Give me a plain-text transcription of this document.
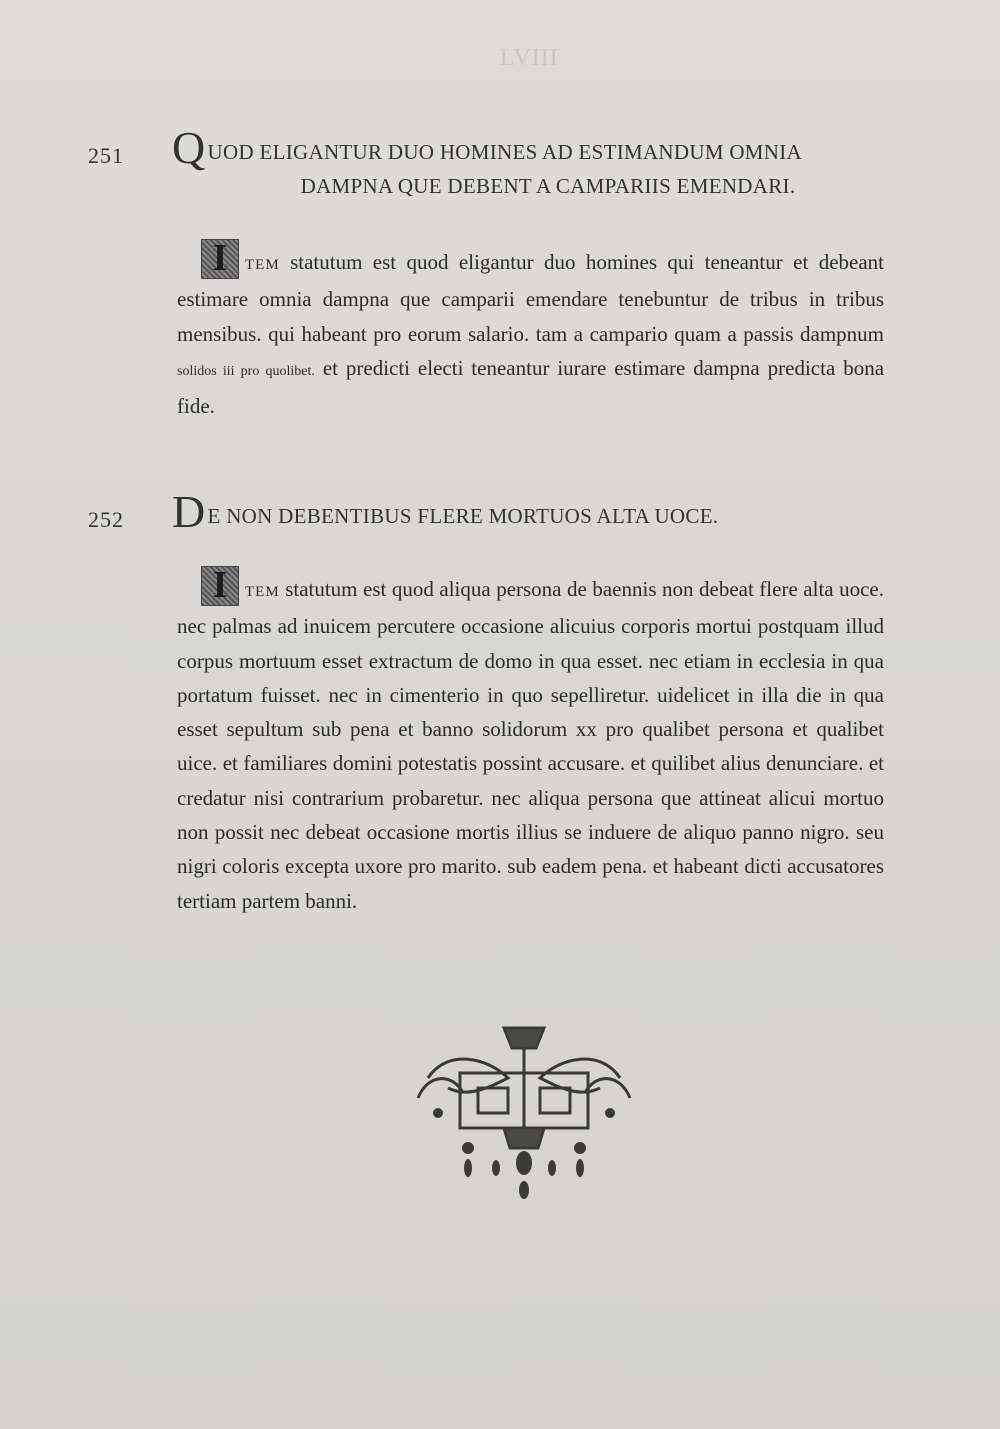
LVIII
251 QUOD ELIGANTUR DUO HOMINES AD ESTIMANDUM OMNIA
DAMPNA QUE DEBENT A CAMPARIIS EMENDARI.
I	TEM statutum est quod eligantur duo homines qui teneantur et debeant estimare omnia dampna que camparii emendare tenebuntur de tribus in tribus mensibus. qui habeant pro eorum salario. tam a campario quam a passis dampnum solidos iii pro quolibet. et predicti electi teneantur iurare estimare dampna predicta bona fide.
252 DE NON DEBENTIBUS FLERE MORTUOS ALTA UOCE.
I	TEM statutum est quod aliqua persona de baennis non debeat flere alta uoce. nec palmas ad inuicem percutere occasione alicuius corporis mortui postquam illud corpus mortuum esset extractum de domo in qua esset. nec etiam in ecclesia in qua portatum fuisset. nec in cimenterio in quo sepelliretur. uidelicet in illa die in qua esset sepultum sub pena et banno solidorum xx pro qualibet persona et qualibet uice. et familiares domini potestatis possint accusare. et quilibet alius denunciare. et credatur nisi contrarium probaretur. nec aliqua persona que attineat alicui mortuo non possit nec debeat occasione mortis illius se induere de aliquo panno nigro. seu nigri coloris excepta uxore pro marito. sub eadem pena. et habeant dicti accusatores tertiam partem banni.
